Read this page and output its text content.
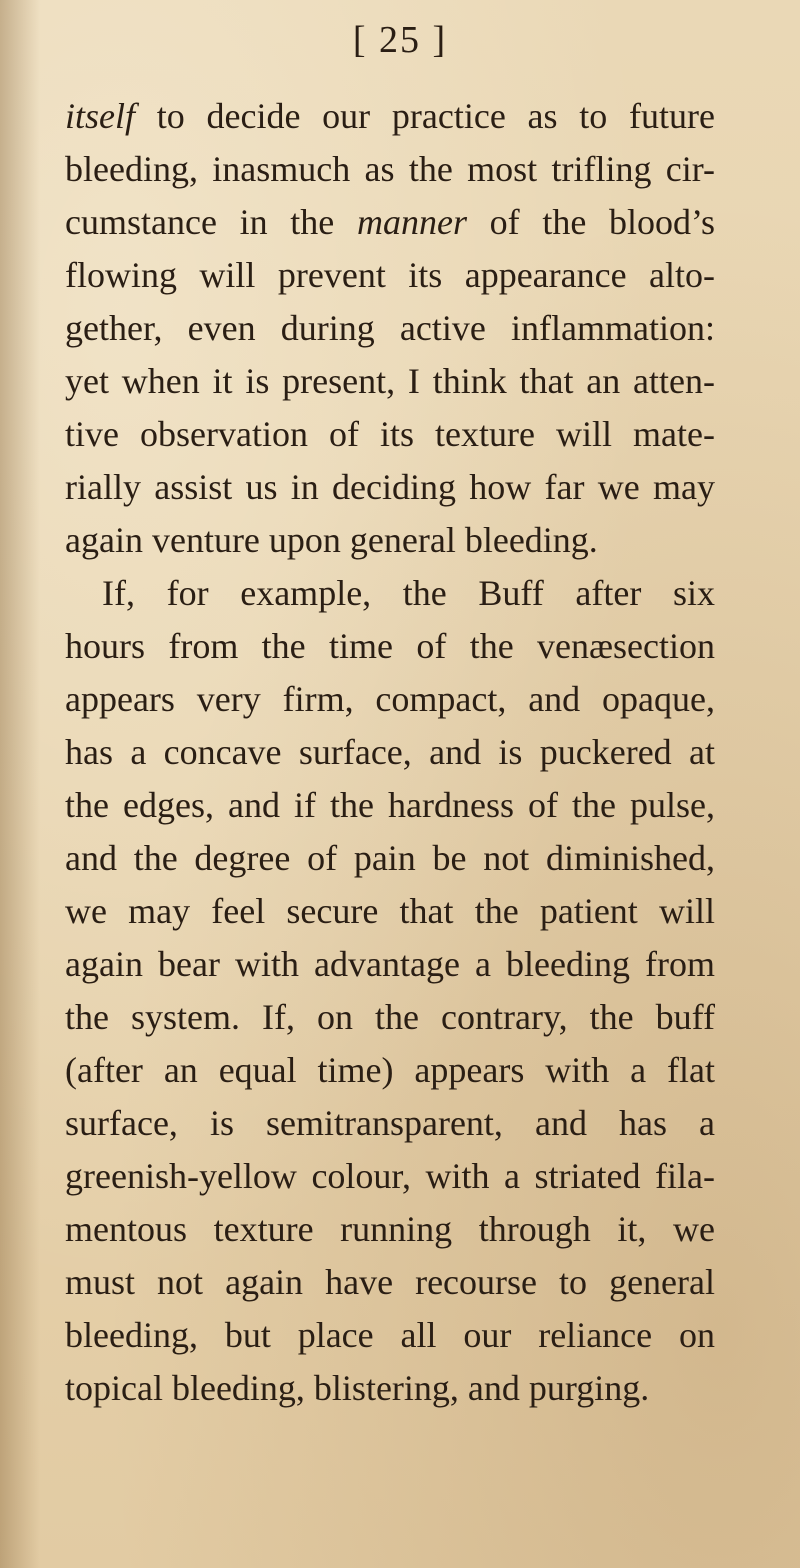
[ 25 ]
itself to decide our practice as to future
bleeding, inasmuch as the most trifling cir-
cumstance in the manner of the blood’s
flowing will prevent its appearance alto-
gether, even during active inflammation:
yet when it is present, I think that an atten-
tive observation of its texture will mate-
rially assist us in deciding how far we may
again venture upon general bleeding.
If, for example, the Buff after six
hours from the time of the venæsection
appears very firm, compact, and opaque,
has a concave surface, and is puckered at
the edges, and if the hardness of the pulse,
and the degree of pain be not diminished,
we may feel secure that the patient will
again bear with advantage a bleeding from
the system. If, on the contrary, the buff
(after an equal time) appears with a flat
surface, is semitransparent, and has a
greenish-yellow colour, with a striated fila-
mentous texture running through it, we
must not again have recourse to general
bleeding, but place all our reliance on
topical bleeding, blistering, and purging.
